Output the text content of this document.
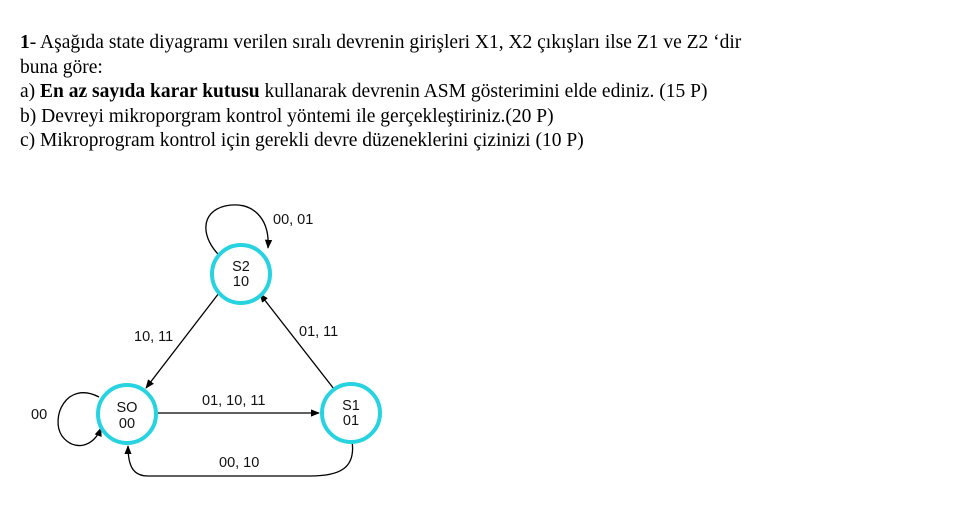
1- Aşağıda state diyagramı verilen sıralı devrenin girişleri X1, X2 çıkışları ilse Z1 ve Z2 ‘dir

buna göre:

a) En az sayıda karar kutusu kullanarak devrenin ASM gösterimini elde ediniz. (15 P)

b) Devreyi mikroporgram kontrol yöntemi ile gerçekleştiriniz.(20 P)

c) Mikroprogram kontrol için gerekli devre düzeneklerini çizinizi (10 P)

00, 01
10, 11	01, 11
00
01, 10, 11
00, 10
S2
10
SO
00
S1
01
